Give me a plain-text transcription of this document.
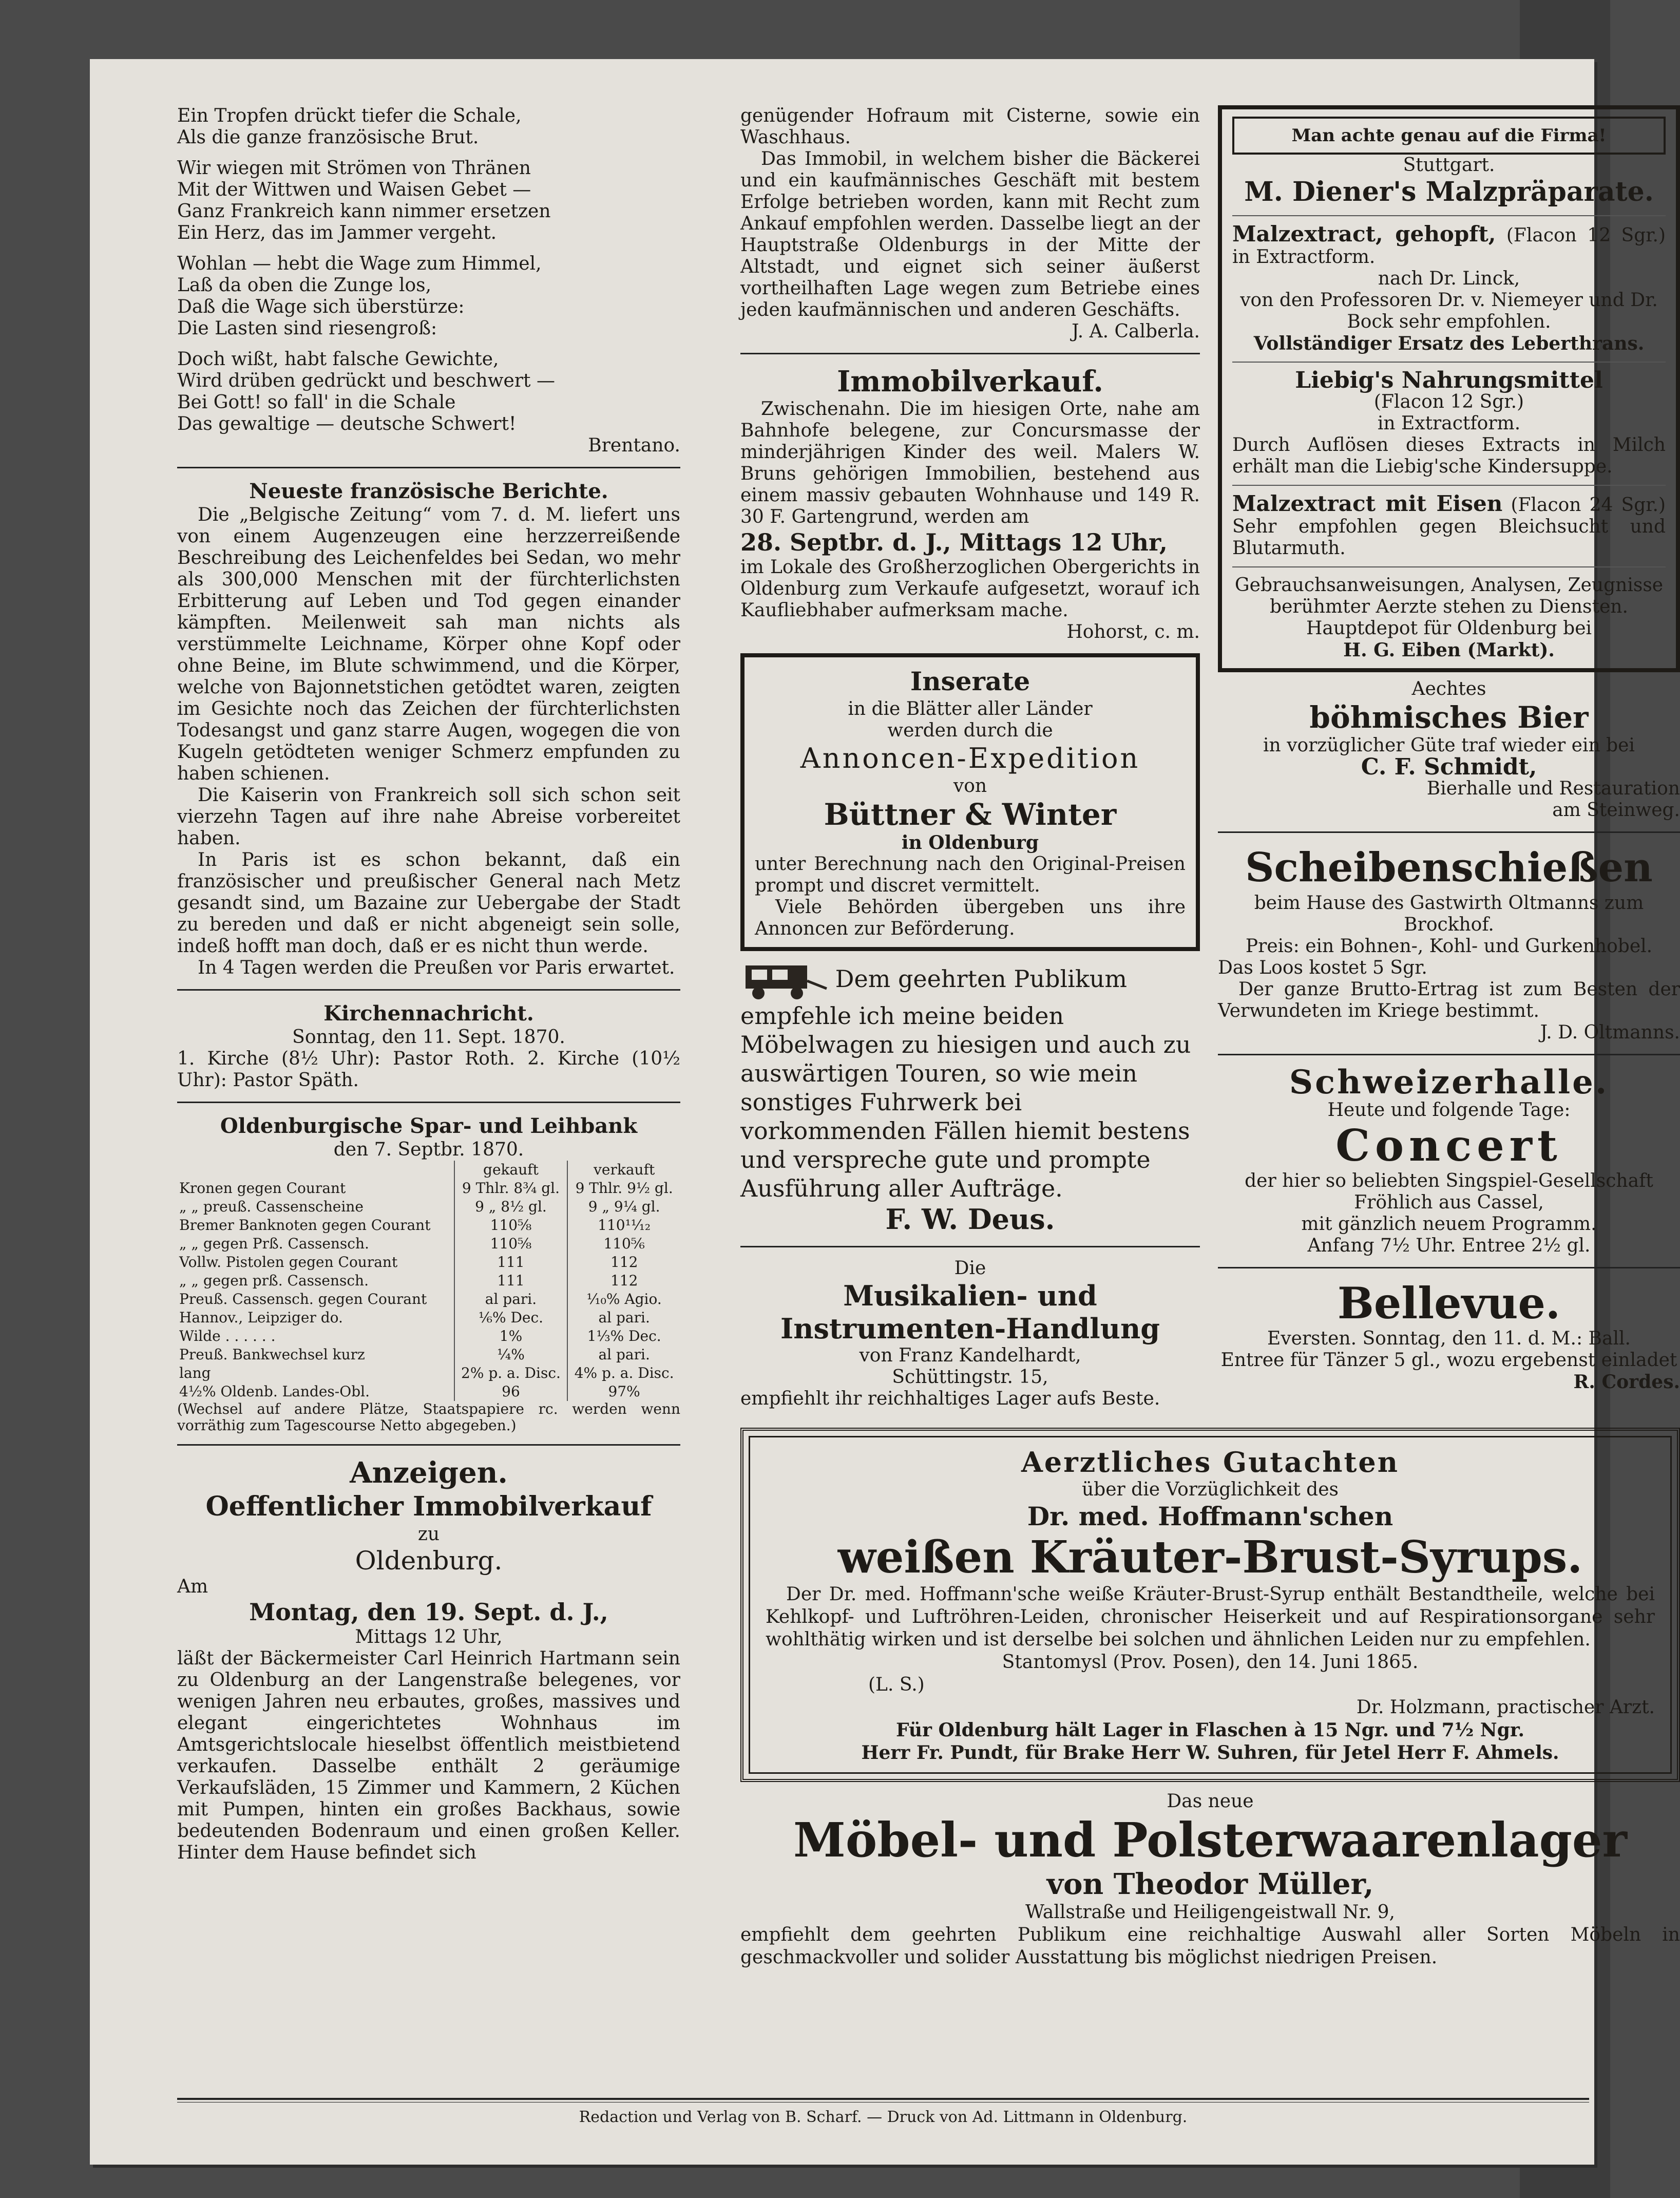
Ein Tropfen drückt tiefer die Schale,

Als die ganze französische Brut.

Wir wiegen mit Strömen von Thränen

Mit der Wittwen und Waisen Gebet —

Ganz Frankreich kann nimmer ersetzen

Ein Herz, das im Jammer vergeht.

Wohlan — hebt die Wage zum Himmel,

Laß da oben die Zunge los,

Daß die Wage sich überstürze:

Die Lasten sind riesengroß:

Doch wißt, habt falsche Gewichte,

Wird drüben gedrückt und beschwert —

Bei Gott! so fall' in die Schale

Das gewaltige — deutsche Schwert!

Brentano.

Neueste französische Berichte.

Die „Belgische Zeitung“ vom 7. d. M. liefert uns von einem Augenzeugen eine herzzerreißende Beschreibung des Leichenfeldes bei Sedan, wo mehr als 300,000 Menschen mit der fürchterlichsten Erbitterung auf Leben und Tod gegen einander kämpften. Meilenweit sah man nichts als verstümmelte Leichname, Körper ohne Kopf oder ohne Beine, im Blute schwimmend, und die Körper, welche von Bajonnetstichen getödtet waren, zeigten im Gesichte noch das Zeichen der fürchterlichsten Todesangst und ganz starre Augen, wogegen die von Kugeln getödteten weniger Schmerz empfunden zu haben schienen.

Die Kaiserin von Frankreich soll sich schon seit vierzehn Tagen auf ihre nahe Abreise vorbereitet haben.

In Paris ist es schon bekannt, daß ein französischer und preußischer General nach Metz gesandt sind, um Bazaine zur Uebergabe der Stadt zu bereden und daß er nicht abgeneigt sein solle, indeß hofft man doch, daß er es nicht thun werde.

In 4 Tagen werden die Preußen vor Paris erwartet.

Kirchennachricht.

Sonntag, den 11. Sept. 1870.

1. Kirche (8½ Uhr): Pastor Roth. 2. Kirche (10½ Uhr): Pastor Späth.

Oldenburgische Spar- und Leihbank

den 7. Septbr. 1870.

	gekauft	verkauft
Kronen gegen Courant	9 Thlr. 8¾ gl.	9 Thlr. 9½ gl.
„ „ preuß. Cassenscheine	9 „ 8½ gl.	9 „ 9¼ gl.
Bremer Banknoten gegen Courant	110⅝	110¹¹⁄₁₂
„ „ gegen Prß. Cassensch.	110⅝	110⅚
Vollw. Pistolen gegen Courant	111	112
„ „ gegen prß. Cassensch.	111	112
Preuß. Cassensch. gegen Courant	al pari.	⅒% Agio.
Hannov., Leipziger do.	⅙% Dec.	al pari.
Wilde . . . . . .	1%	1⅓% Dec.
Preuß. Bankwechsel kurz	¼%	al pari.
lang	2% p. a. Disc.	4% p. a. Disc.
4½% Oldenb. Landes-Obl.	96	97%

(Wechsel auf andere Plätze, Staatspapiere rc. werden wenn vorräthig zum Tagescourse Netto abgegeben.)

Anzeigen.
Oeffentlicher Immobilverkauf

zu

Oldenburg.

Am

Montag, den 19. Sept. d. J.,

Mittags 12 Uhr,

läßt der Bäckermeister Carl Heinrich Hartmann sein zu Oldenburg an der Langenstraße belegenes, vor wenigen Jahren neu erbautes, großes, massives und elegant eingerichtetes Wohnhaus im Amtsgerichtslocale hieselbst öffentlich meistbietend verkaufen. Dasselbe enthält 2 geräumige Verkaufsläden, 15 Zimmer und Kammern, 2 Küchen mit Pumpen, hinten ein großes Backhaus, sowie bedeutenden Bodenraum und einen großen Keller. Hinter dem Hause befindet sich

genügender Hofraum mit Cisterne, sowie ein Waschhaus.

Das Immobil, in welchem bisher die Bäckerei und ein kaufmännisches Geschäft mit bestem Erfolge betrieben worden, kann mit Recht zum Ankauf empfohlen werden. Dasselbe liegt an der Hauptstraße Oldenburgs in der Mitte der Altstadt, und eignet sich seiner äußerst vortheilhaften Lage wegen zum Betriebe eines jeden kaufmännischen und anderen Geschäfts.

J. A. Calberla.

Immobilverkauf.

Zwischenahn. Die im hiesigen Orte, nahe am Bahnhofe belegene, zur Concursmasse der minderjährigen Kinder des weil. Malers W. Bruns gehörigen Immobilien, bestehend aus einem massiv gebauten Wohnhause und 149 R. 30 F. Gartengrund, werden am

28. Septbr. d. J., Mittags 12 Uhr,

im Lokale des Großherzoglichen Obergerichts in Oldenburg zum Verkaufe aufgesetzt, worauf ich Kaufliebhaber aufmerksam mache.

Hohorst, c. m.

Inserate

in die Blätter aller Länder

werden durch die

Annoncen-Expedition

von

Büttner & Winter

in Oldenburg

unter Berechnung nach den Original-Preisen prompt und discret vermittelt.

Viele Behörden übergeben uns ihre Annoncen zur Beförderung.

Dem geehrten Publikum empfehle ich meine beiden Möbelwagen zu hiesigen und auch zu auswärtigen Touren, so wie mein sonstiges Fuhrwerk bei vorkommenden Fällen hiemit bestens und verspreche gute und prompte Ausführung aller Aufträge.

F. W. Deus.

Die

Musikalien- und Instrumenten-Handlung

von Franz Kandelhardt,

Schüttingstr. 15,

empfiehlt ihr reichhaltiges Lager aufs Beste.

Man achte genau auf die Firma!

Stuttgart.

M. Diener's Malzpräparate.

Malzextract, gehopft, (Flacon 12 Sgr.) in Extractform.

nach Dr. Linck,

von den Professoren Dr. v. Niemeyer und Dr. Bock sehr empfohlen.

Vollständiger Ersatz des Leberthrans.

Liebig's Nahrungsmittel

(Flacon 12 Sgr.)

in Extractform.

Durch Auflösen dieses Extracts in Milch erhält man die Liebig'sche Kindersuppe.

Malzextract mit Eisen (Flacon 24 Sgr.) Sehr empfohlen gegen Bleichsucht und Blutarmuth.

Gebrauchsanweisungen, Analysen, Zeugnisse berühmter Aerzte stehen zu Diensten.

Hauptdepot für Oldenburg bei

H. G. Eiben (Markt).

Aechtes

böhmisches Bier

in vorzüglicher Güte traf wieder ein bei

C. F. Schmidt,

Bierhalle und Restauration

am Steinweg.

Scheibenschießen

beim Hause des Gastwirth Oltmanns zum Brockhof.

Preis: ein Bohnen-, Kohl- und Gurkenhobel.

Das Loos kostet 5 Sgr.

Der ganze Brutto-Ertrag ist zum Besten der Verwundeten im Kriege bestimmt.

J. D. Oltmanns.

Schweizerhalle.

Heute und folgende Tage:

Concert

der hier so beliebten Singspiel-Gesellschaft Fröhlich aus Cassel,

mit gänzlich neuem Programm.

Anfang 7½ Uhr. Entree 2½ gl.

Bellevue.

Eversten. Sonntag, den 11. d. M.: Ball.

Entree für Tänzer 5 gl., wozu ergebenst einladet

R. Cordes.

Aerztliches Gutachten

über die Vorzüglichkeit des

Dr. med. Hoffmann'schen

weißen Kräuter-Brust-Syrups.

Der Dr. med. Hoffmann'sche weiße Kräuter-Brust-Syrup enthält Bestandtheile, welche bei Kehlkopf- und Luftröhren-Leiden, chronischer Heiserkeit und auf Respirationsorgane sehr wohlthätig wirken und ist derselbe bei solchen und ähnlichen Leiden nur zu empfehlen.

Stantomysl (Prov. Posen), den 14. Juni 1865.

(L. S.)

Dr. Holzmann, practischer Arzt.

Für Oldenburg hält Lager in Flaschen à 15 Ngr. und 7½ Ngr.

Herr Fr. Pundt, für Brake Herr W. Suhren, für Jetel Herr F. Ahmels.

Das neue

Möbel- und Polsterwaarenlager

von Theodor Müller,

Wallstraße und Heiligengeistwall Nr. 9,

empfiehlt dem geehrten Publikum eine reichhaltige Auswahl aller Sorten Möbeln in geschmackvoller und solider Ausstattung bis möglichst niedrigen Preisen.

Redaction und Verlag von B. Scharf. — Druck von Ad. Littmann in Oldenburg.
